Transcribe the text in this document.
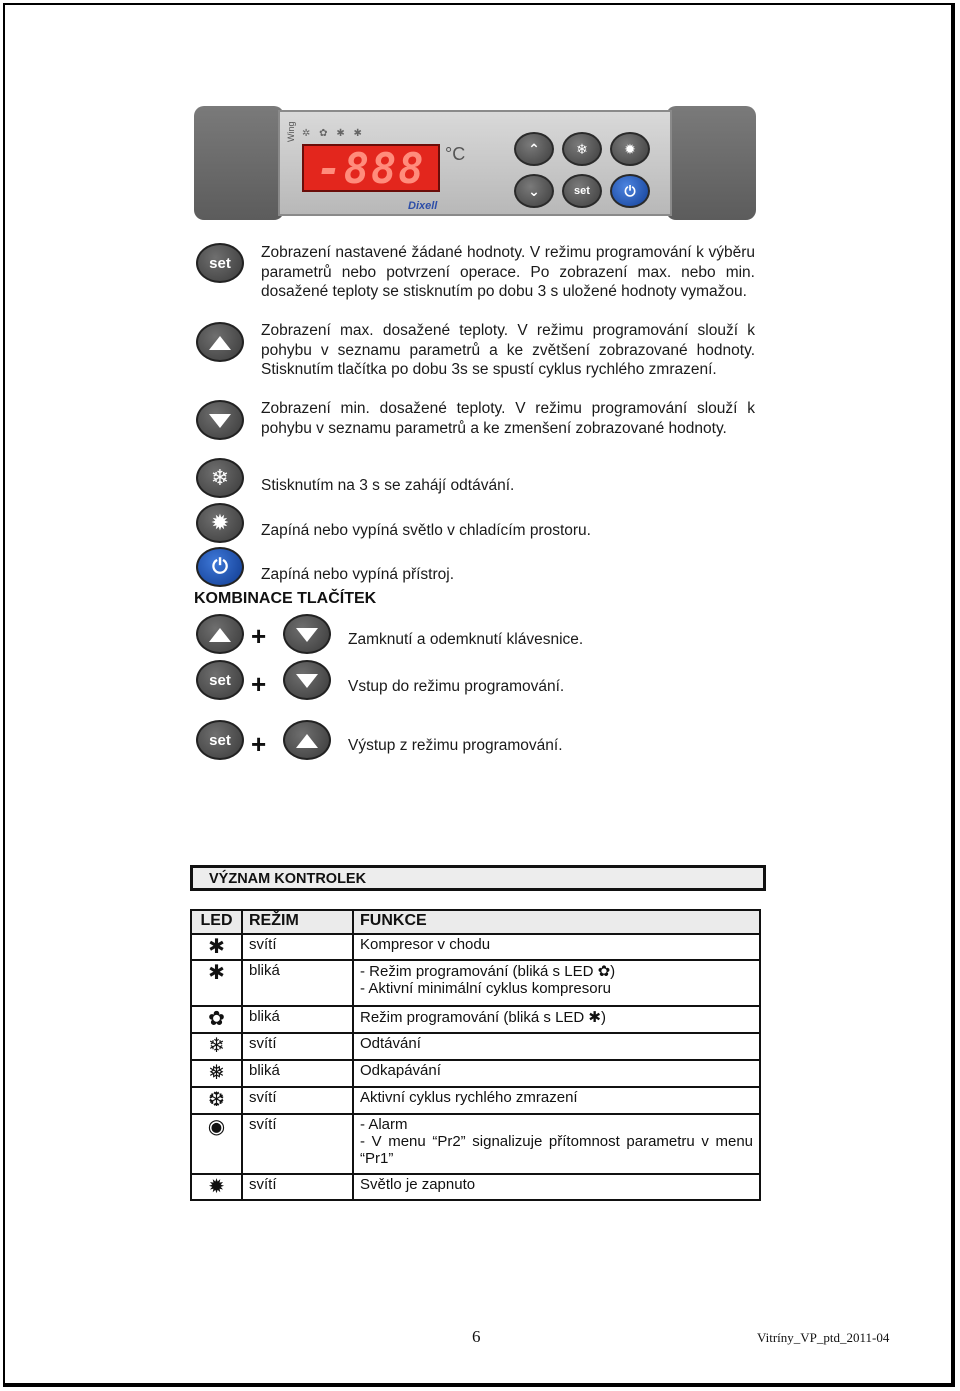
Wing ✲ ✿ ✱ ✱
-888 °C
Dixell
⌃	❄	✹
⌄	set ⏻
set
Zobrazení nastavené žádané hodnoty. V režimu programování k výběru parametrů nebo potvrzení operace. Po zobrazení max. nebo min. dosažené teploty se stisknutím po dobu 3 s uložené hodnoty vymažou.
Zobrazení max. dosažené teploty. V režimu programování slouží k pohybu v seznamu parametrů a ke zvětšení zobrazované hodnoty. Stisknutím tlačítka po dobu 3s se spustí cyklus rychlého zmrazení.
Zobrazení min. dosažené teploty. V režimu programování slouží k pohybu v seznamu parametrů a ke zmenšení zobrazované hodnoty.
❄ Stisknutím na 3 s se zahájí odtávání.
✹ Zapíná nebo vypíná světlo v chladícím prostoru.
⏻ Zapíná nebo vypíná přístroj.
KOMBINACE TLAČÍTEK
+	Zamknutí a odemknutí klávesnice.
set +	Vstup do režimu programování.
set +	Výstup z režimu programování.
VÝZNAM KONTROLEK
LED	REŽIM	FUNKCE
✱	svítí	Kompresor v chodu

✱	bliká	- Režim programování (bliká s LED ✿)
- Aktivní minimální cyklus kompresoru

✿	bliká	Režim programování (bliká s LED ✱)

❄	svítí	Odtávání

❅	bliká	Odkapávání

❆	svítí	Aktivní cyklus rychlého zmrazení

◉	svítí	- Alarm
- V menu “Pr2” signalizuje přítomnost parametru v menu “Pr1”

✹	svítí	Světlo je zapnuto
6	Vitríny_VP_ptd_2011-04
